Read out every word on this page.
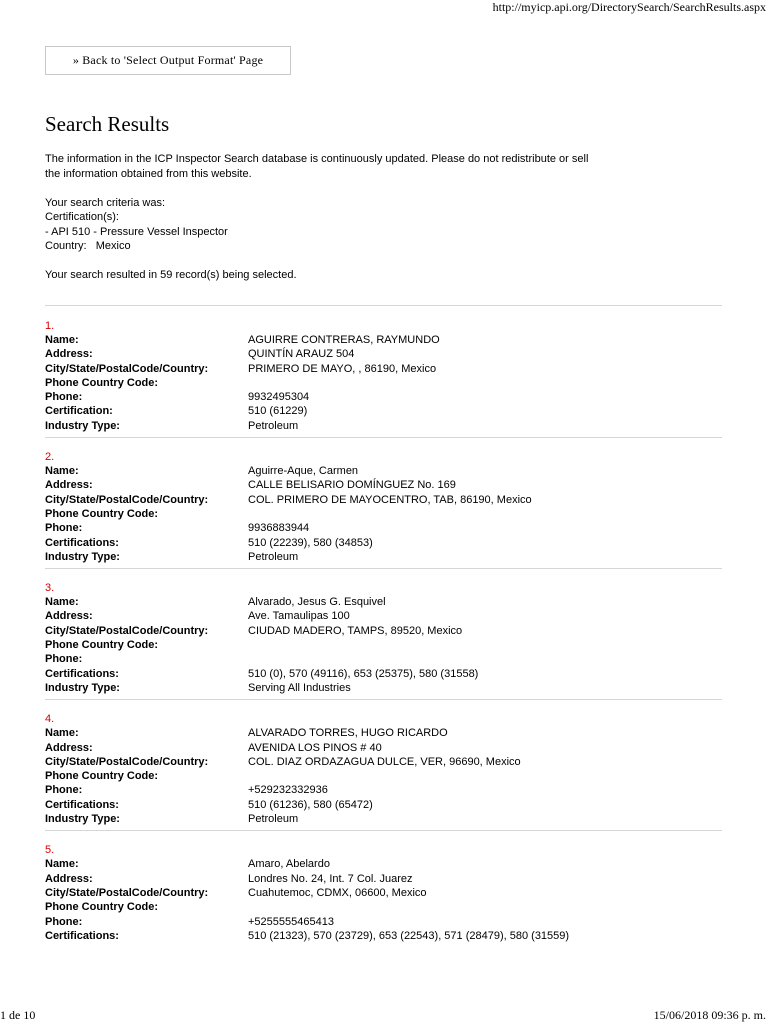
http://myicp.api.org/DirectorySearch/SearchResults.aspx
» Back to 'Select Output Format' Page
Search Results

The information in the ICP Inspector Search database is continuously updated. Please do not redistribute or sell the information obtained from this website.

Your search criteria was:

Certification(s):

- API 510 - Pressure Vessel Inspector

Country:   Mexico

Your search resulted in 59 record(s) being selected.

1.
Name:	AGUIRRE CONTRERAS, RAYMUNDO
Address:	QUINTÍN ARAUZ 504
City/State/PostalCode/Country:	PRIMERO DE MAYO, , 86190, Mexico
Phone Country Code:
Phone:	9932495304
Certification:	510 (61229)
Industry Type:	Petroleum
2.
Name:	Aguirre-Aque, Carmen
Address:	CALLE BELISARIO DOMÍNGUEZ No. 169
City/State/PostalCode/Country:	COL. PRIMERO DE MAYOCENTRO, TAB, 86190, Mexico
Phone Country Code:
Phone:	9936883944
Certifications:	510 (22239), 580 (34853)
Industry Type:	Petroleum
3.
Name:	Alvarado, Jesus G. Esquivel
Address:	Ave. Tamaulipas 100
City/State/PostalCode/Country:	CIUDAD MADERO, TAMPS, 89520, Mexico
Phone Country Code:
Phone:
Certifications:	510 (0), 570 (49116), 653 (25375), 580 (31558)
Industry Type:	Serving All Industries
4.
Name:	ALVARADO TORRES, HUGO RICARDO
Address:	AVENIDA LOS PINOS # 40
City/State/PostalCode/Country:	COL. DIAZ ORDAZAGUA DULCE, VER, 96690, Mexico
Phone Country Code:
Phone:	+529232332936
Certifications:	510 (61236), 580 (65472)
Industry Type:	Petroleum
5.
Name:	Amaro, Abelardo
Address:	Londres No. 24, Int. 7 Col. Juarez
City/State/PostalCode/Country:	Cuahutemoc, CDMX, 06600, Mexico
Phone Country Code:
Phone:	+5255555465413
Certifications:	510 (21323), 570 (23729), 653 (22543), 571 (28479), 580 (31559)
1 de 10	15/06/2018 09:36 p. m.
